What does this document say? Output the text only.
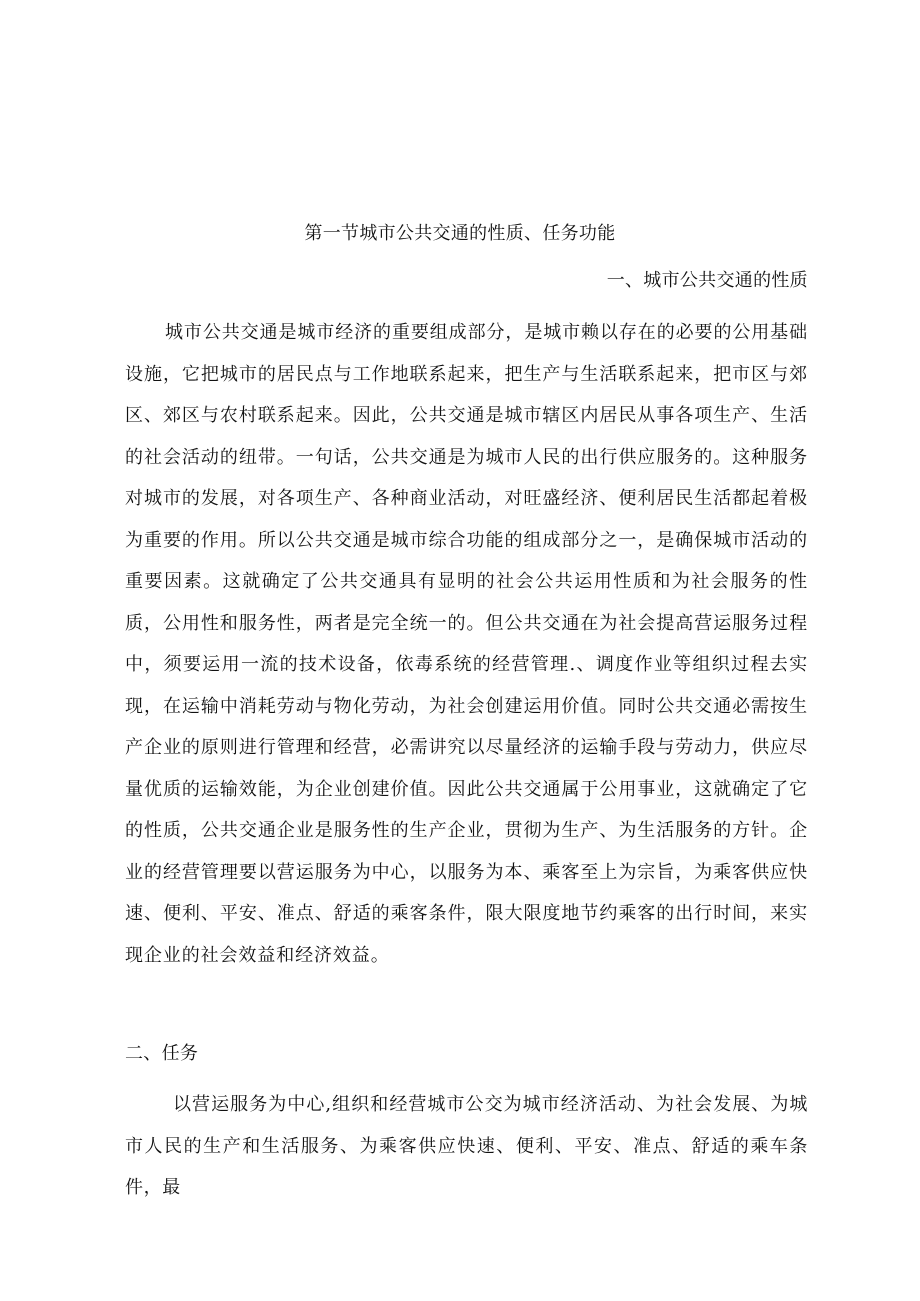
第一节城市公共交通的性质、任务功能
一、城市公共交通的性质

城市公共交通是城市经济的重要组成部分，是城市赖以存在的必要的公用基础设施，它把城市的居民点与工作地联系起来，把生产与生活联系起来，把市区与郊区、郊区与农村联系起来。因此，公共交通是城市辖区内居民从事各项生产、生活的社会活动的纽带。一句话，公共交通是为城市人民的出行供应服务的。这种服务对城市的发展，对各项生产、各种商业活动，对旺盛经济、便利居民生活都起着极为重要的作用。所以公共交通是城市综合功能的组成部分之一，是确保城市活动的重要因素。这就确定了公共交通具有显明的社会公共运用性质和为社会服务的性质，公用性和服务性，两者是完全统一的。但公共交通在为社会提高营运服务过程中，须要运用一流的技术设备，依毒系统的经营管理.、调度作业等组织过程去实现，在运输中消耗劳动与物化劳动，为社会创建运用价值。同时公共交通必需按生产企业的原则进行管理和经营，必需讲究以尽量经济的运输手段与劳动力，供应尽量优质的运输效能，为企业创建价值。因此公共交通属于公用事业，这就确定了它的性质，公共交通企业是服务性的生产企业，贯彻为生产、为生活服务的方针。企业的经营管理要以营运服务为中心，以服务为本、乘客至上为宗旨，为乘客供应快速、便利、平安、准点、舒适的乘客条件，限大限度地节约乘客的出行时间，来实现企业的社会效益和经济效益。

二、任务

以营运服务为中心,组织和经营城市公交为城市经济活动、为社会发展、为城市人民的生产和生活服务、为乘客供应快速、便利、平安、准点、舒适的乘车条件，最
